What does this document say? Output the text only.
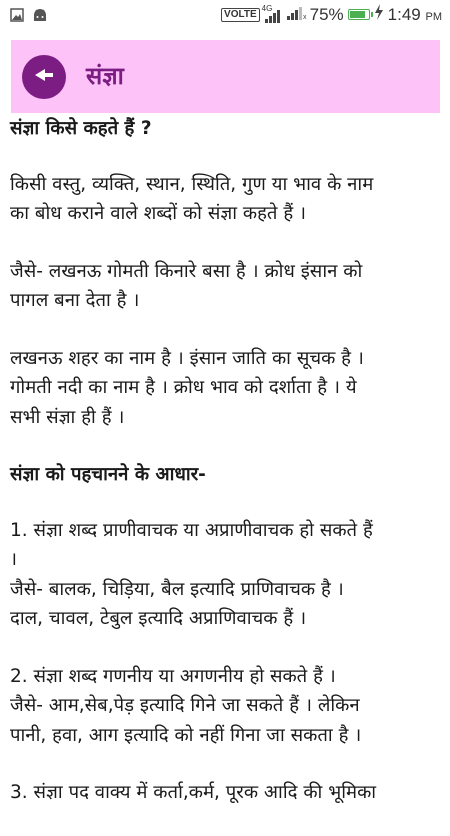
VOLTE
4G
x 75%	1:49 PM
संज्ञा
संज्ञा किसे कहते हैं ?

किसी वस्तु, व्यक्ति, स्थान, स्थिति, गुण या भाव के नाम
का बोध कराने वाले शब्दों को संज्ञा कहते हैं ।

जैसे- लखनऊ गोमती किनारे बसा है । क्रोध इंसान को
पागल बना देता है ।

लखनऊ शहर का नाम है । इंसान जाति का सूचक है ।
गोमती नदी का नाम है । क्रोध भाव को दर्शाता है । ये
सभी संज्ञा ही हैं ।

संज्ञा को पहचानने के आधार-

1. संज्ञा शब्द प्राणीवाचक या अप्राणीवाचक हो सकते हैं
।
जैसे- बालक, चिड़िया, बैल इत्यादि प्राणिवाचक है ।
दाल, चावल, टेबुल इत्यादि अप्राणिवाचक हैं ।

2. संज्ञा शब्द गणनीय या अगणनीय हो सकते हैं ।
जैसे- आम,सेब,पेड़ इत्यादि गिने जा सकते हैं । लेकिन
पानी, हवा, आग इत्यादि को नहीं गिना जा सकता है ।

3. संज्ञा पद वाक्य में कर्ता,कर्म, पूरक आदि की भूमिका
